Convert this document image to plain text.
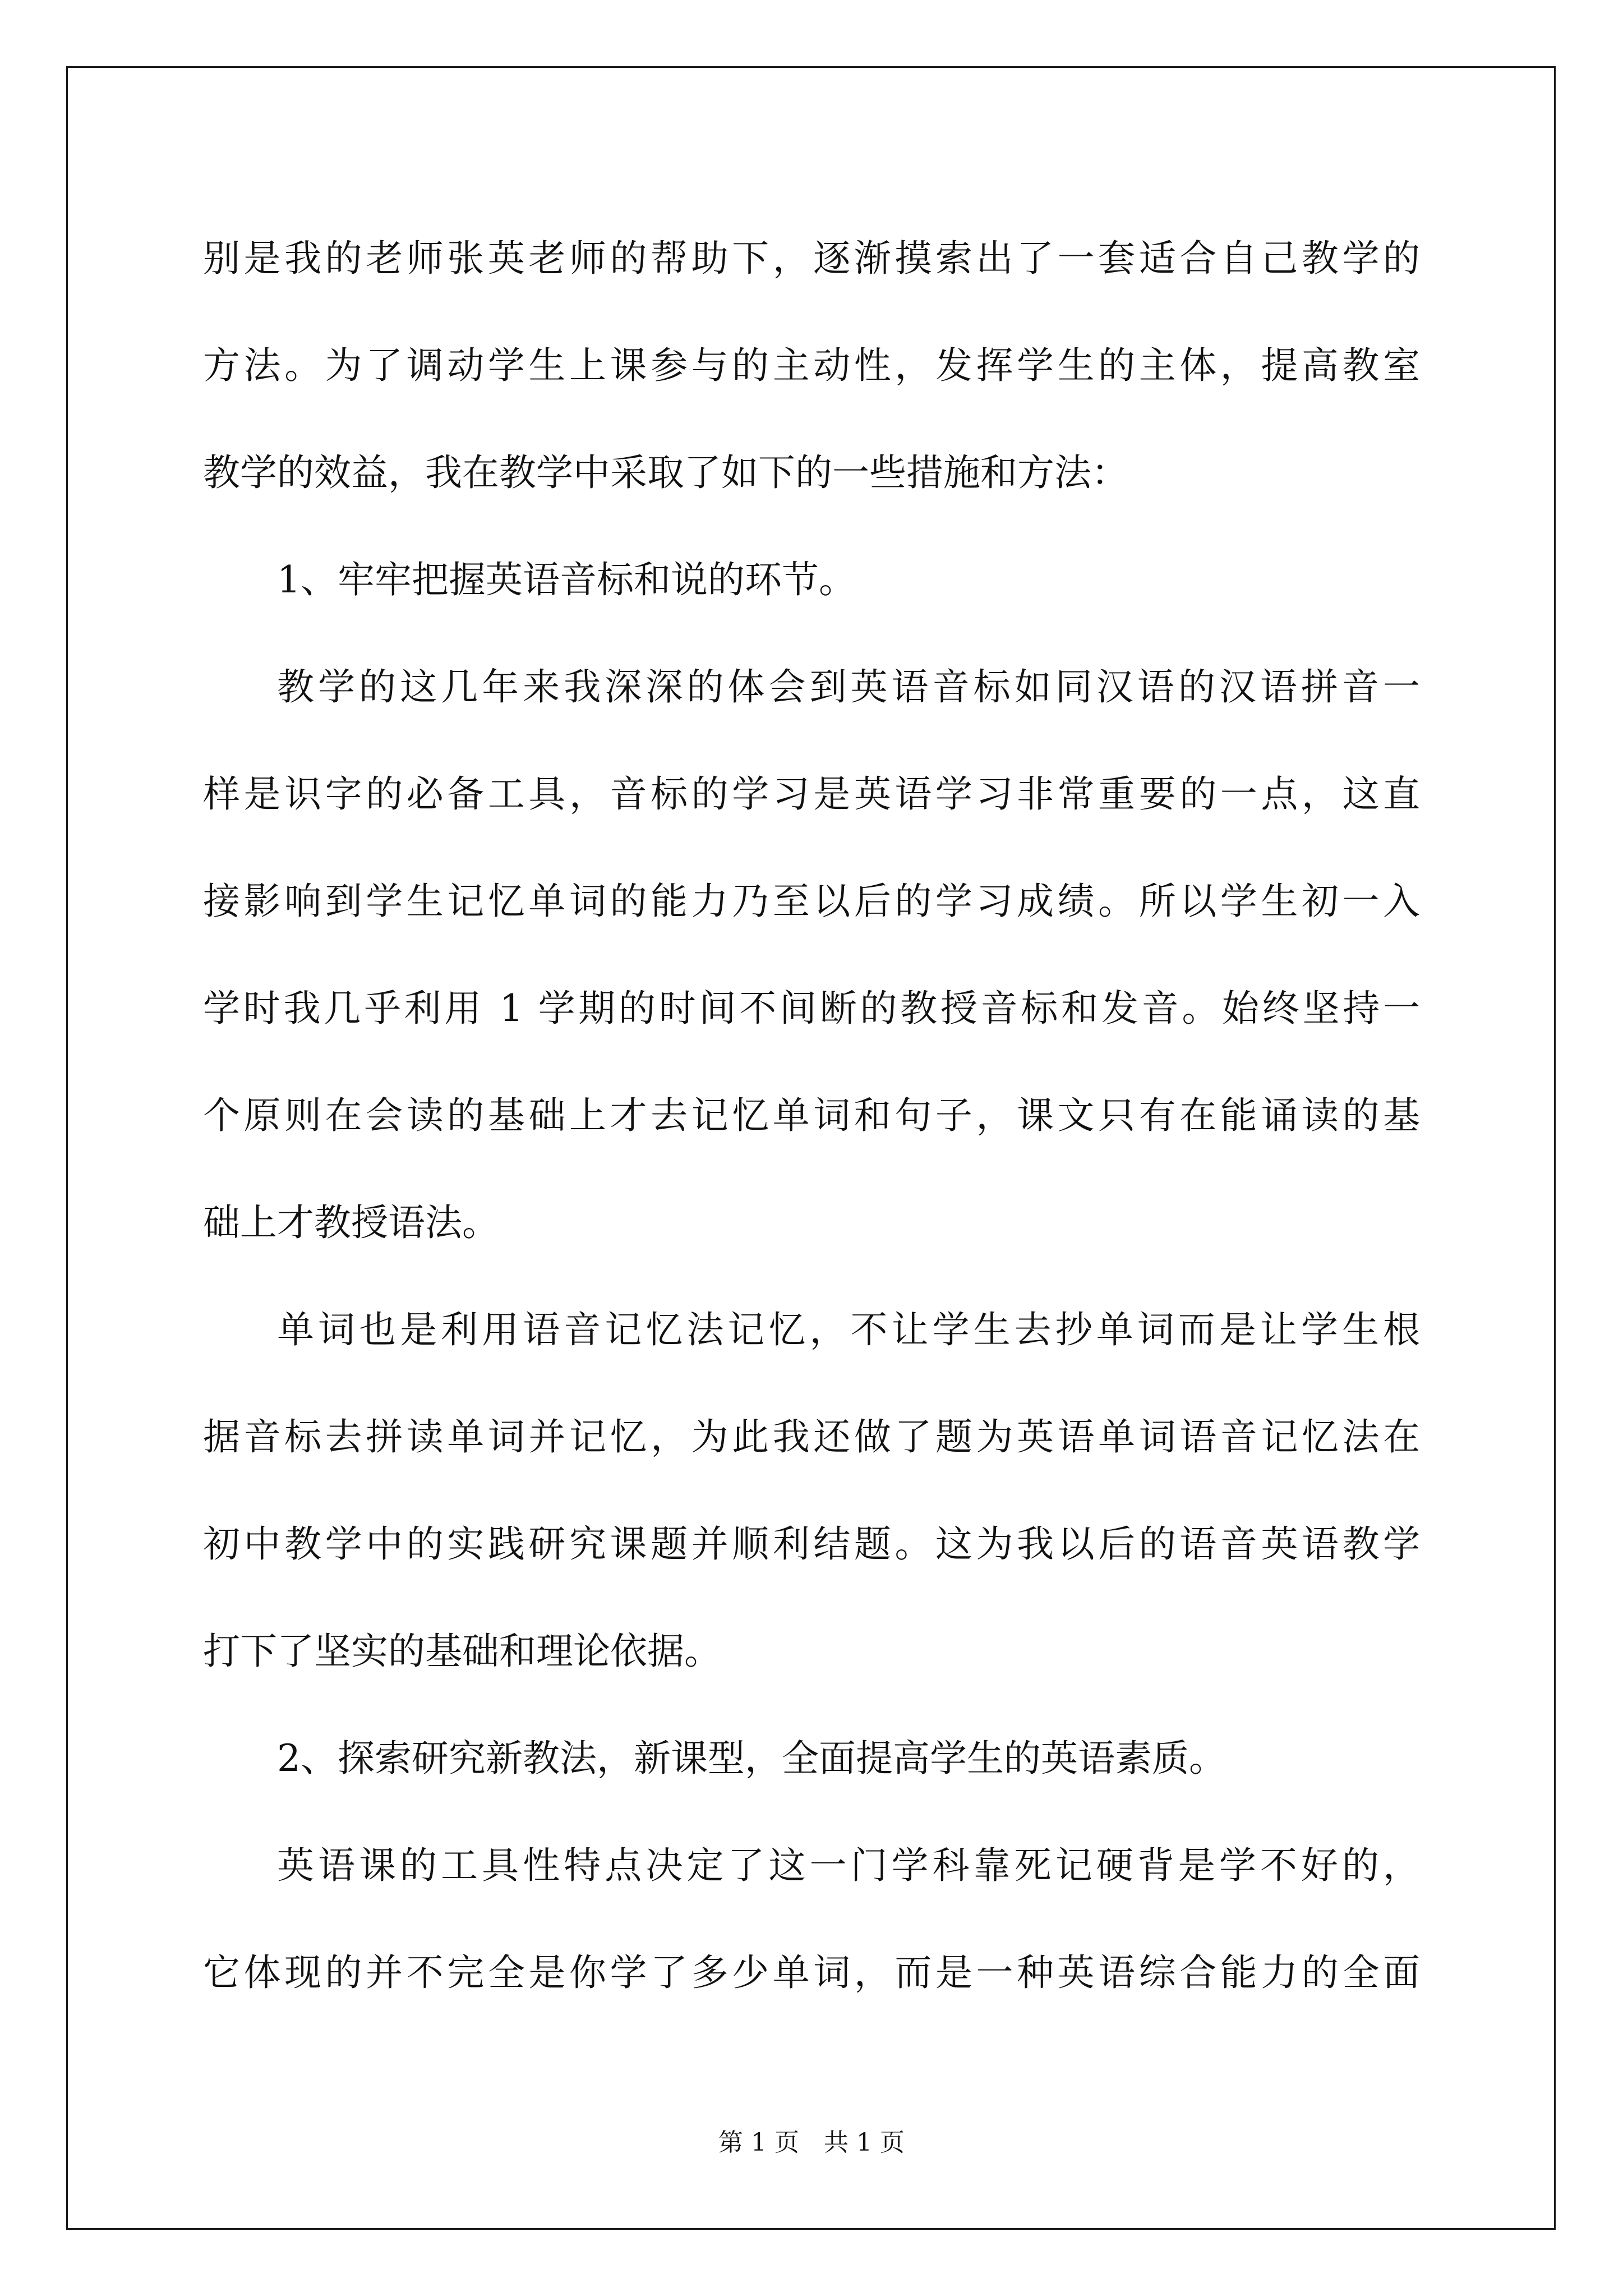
别是我的老师张英老师的帮助下，逐渐摸索出了一套适合自己教学的
方法。为了调动学生上课参与的主动性，发挥学生的主体，提高教室
教学的效益，我在教学中采取了如下的一些措施和方法：
1、牢牢把握英语音标和说的环节。
教学的这几年来我深深的体会到英语音标如同汉语的汉语拼音一
样是识字的必备工具，音标的学习是英语学习非常重要的一点，这直
接影响到学生记忆单词的能力乃至以后的学习成绩。所以学生初一入
学时我几乎利用 1 学期的时间不间断的教授音标和发音。始终坚持一
个原则在会读的基础上才去记忆单词和句子，课文只有在能诵读的基
础上才教授语法。
单词也是利用语音记忆法记忆，不让学生去抄单词而是让学生根
据音标去拼读单词并记忆，为此我还做了题为英语单词语音记忆法在
初中教学中的实践研究课题并顺利结题。这为我以后的语音英语教学
打下了坚实的基础和理论依据。
2、探索研究新教法，新课型，全面提高学生的英语素质。
英语课的工具性特点决定了这一门学科靠死记硬背是学不好的，
它体现的并不完全是你学了多少单词，而是一种英语综合能力的全面
第 1 页　共 1 页
